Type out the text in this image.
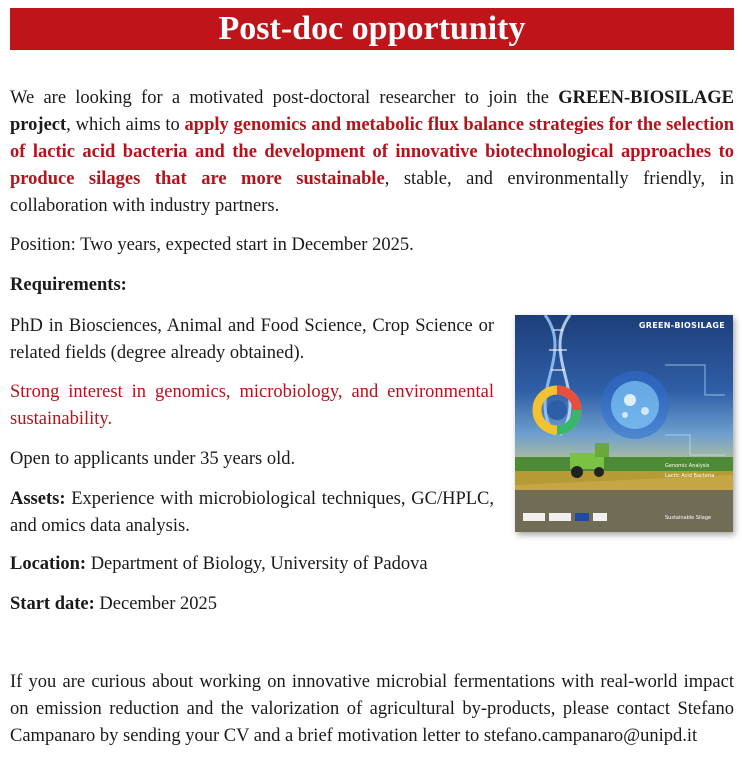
Post-doc opportunity

We are looking for a motivated post-doctoral researcher to join the GREEN-BIOSILAGE project, which aims to apply genomics and metabolic flux balance strategies for the selection of lactic acid bacteria and the development of innovative biotechnological approaches to produce silages that are more sustainable, stable, and environmentally friendly, in collaboration with industry partners.

Position: Two years, expected start in December 2025.

Requirements:

PhD in Biosciences, Animal and Food Science, Crop Science or related fields (degree already obtained).

Strong interest in genomics, microbiology, and environmental sustainability.

Open to applicants under 35 years old.

Assets: Experience with microbiological techniques, GC/HPLC, and omics data analysis.

Location: Department of Biology, University of Padova

Start date: December 2025

If you are curious about working on innovative microbial fermentations with real-world impact on emission reduction and the valorization of agricultural by-products, please contact Stefano Campanaro by sending your CV and a brief motivation letter to stefano.campanaro@unipd.it

GREEN-BIOSILAGE
Genomic Analysis
Lactic Acid Bacteria
Sustainable Silage
